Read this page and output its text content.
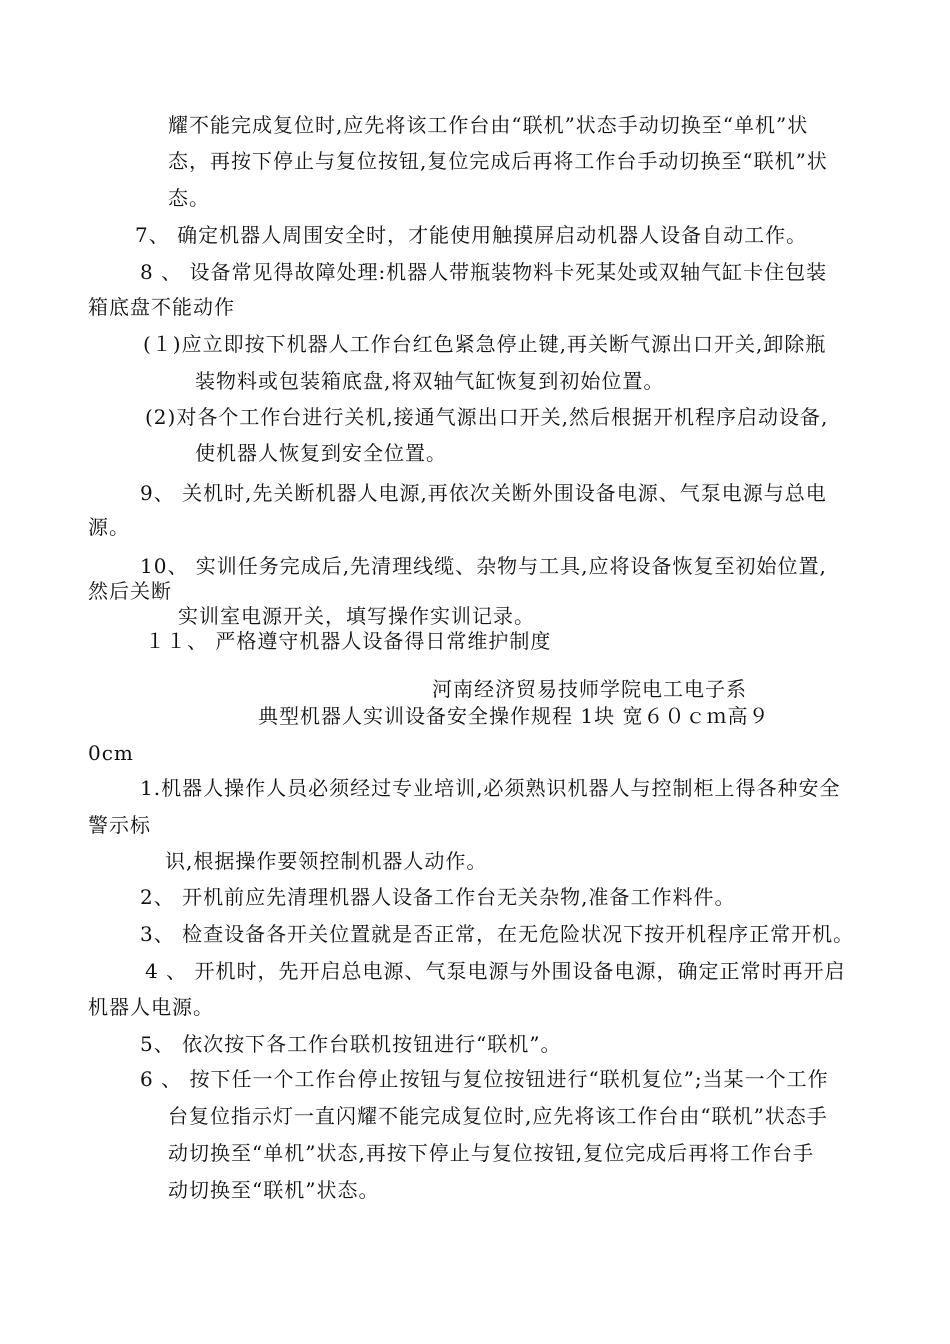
耀不能完成复位时,应先将该工作台由“联机”状态手动切换至“单机”状
态，再按下停止与复位按钮,复位完成后再将工作台手动切换至“联机”状
态。
7、 确定机器人周围安全时，才能使用触摸屏启动机器人设备自动工作。
8 、 设备常见得故障处理:机器人带瓶装物料卡死某处或双轴气缸卡住包装
箱底盘不能动作
(１)应立即按下机器人工作台红色紧急停止键,再关断气源出口开关,卸除瓶
装物料或包装箱底盘,将双轴气缸恢复到初始位置。
(2)对各个工作台进行关机,接通气源出口开关,然后根据开机程序启动设备,
使机器人恢复到安全位置。
9、 关机时,先关断机器人电源,再依次关断外围设备电源、气泵电源与总电
源。
10、 实训任务完成后,先清理线缆、杂物与工具,应将设备恢复至初始位置,
然后关断
实训室电源开关，填写操作实训记录。
１１、 严格遵守机器人设备得日常维护制度
河南经济贸易技师学院电工电子系
典型机器人实训设备安全操作规程 1块 宽６０ｃｍ高９
0cm
1.机器人操作人员必须经过专业培训,必须熟识机器人与控制柜上得各种安全
警示标
识,根据操作要领控制机器人动作。
2、 开机前应先清理机器人设备工作台无关杂物,准备工作料件。
3、 检查设备各开关位置就是否正常，在无危险状况下按开机程序正常开机。
4 、 开机时，先开启总电源、气泵电源与外围设备电源，确定正常时再开启
机器人电源。
5、 依次按下各工作台联机按钮进行“联机”。
6 、 按下任一个工作台停止按钮与复位按钮进行“联机复位”;当某一个工作
台复位指示灯一直闪耀不能完成复位时,应先将该工作台由“联机”状态手
动切换至“单机”状态,再按下停止与复位按钮,复位完成后再将工作台手
动切换至“联机”状态。
